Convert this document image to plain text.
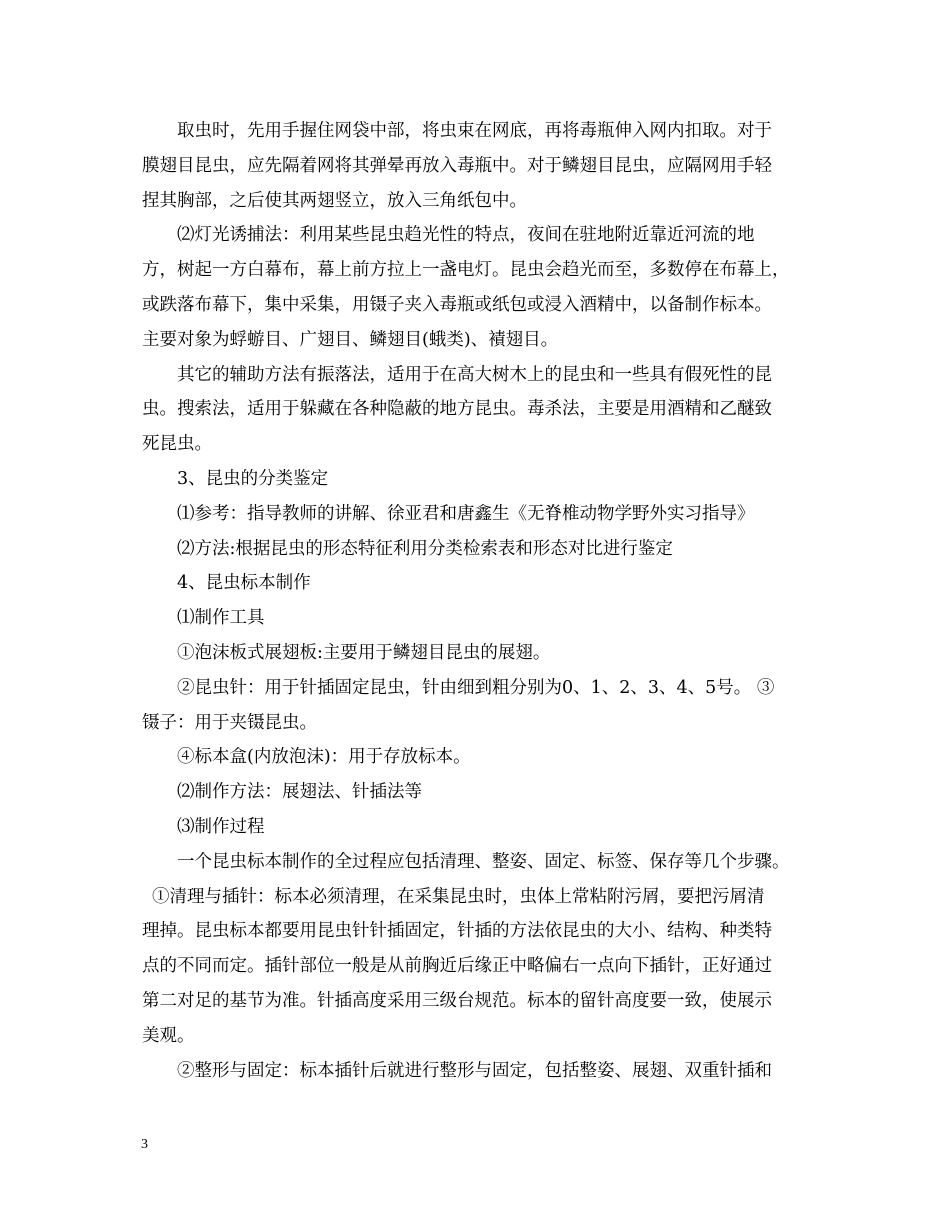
取虫时，先用手握住网袋中部，将虫束在网底，再将毒瓶伸入网内扣取。对于
膜翅目昆虫，应先隔着网将其弹晕再放入毒瓶中。对于鳞翅目昆虫，应隔网用手轻
捏其胸部，之后使其两翅竖立，放入三角纸包中。
⑵灯光诱捕法：利用某些昆虫趋光性的特点，夜间在驻地附近靠近河流的地
方，树起一方白幕布，幕上前方拉上一盏电灯。昆虫会趋光而至，多数停在布幕上，
或跌落布幕下，集中采集，用镊子夹入毒瓶或纸包或浸入酒精中，以备制作标本。
主要对象为蜉蝣目、广翅目、鳞翅目(蛾类)、襀翅目。
其它的辅助方法有振落法，适用于在高大树木上的昆虫和一些具有假死性的昆
虫。搜索法，适用于躲藏在各种隐蔽的地方昆虫。毒杀法，主要是用酒精和乙醚致
死昆虫。
3、昆虫的分类鉴定
⑴参考：指导教师的讲解、徐亚君和唐鑫生《无脊椎动物学野外实习指导》
⑵方法:根据昆虫的形态特征利用分类检索表和形态对比进行鉴定
4、昆虫标本制作
⑴制作工具
①泡沫板式展翅板:主要用于鳞翅目昆虫的展翅。
②昆虫针：用于针插固定昆虫，针由细到粗分别为0、1、2、3、4、5号。 ③
镊子：用于夹镊昆虫。
④标本盒(内放泡沫)：用于存放标本。
⑵制作方法：展翅法、针插法等
⑶制作过程
一个昆虫标本制作的全过程应包括清理、整姿、固定、标签、保存等几个步骤。
①清理与插针：标本必须清理，在采集昆虫时，虫体上常粘附污屑，要把污屑清
理掉。昆虫标本都要用昆虫针针插固定，针插的方法依昆虫的大小、结构、种类特
点的不同而定。插针部位一般是从前胸近后缘正中略偏右一点向下插针，正好通过
第二对足的基节为准。针插高度采用三级台规范。标本的留针高度要一致，使展示
美观。
②整形与固定：标本插针后就进行整形与固定，包括整姿、展翅、双重针插和
3
